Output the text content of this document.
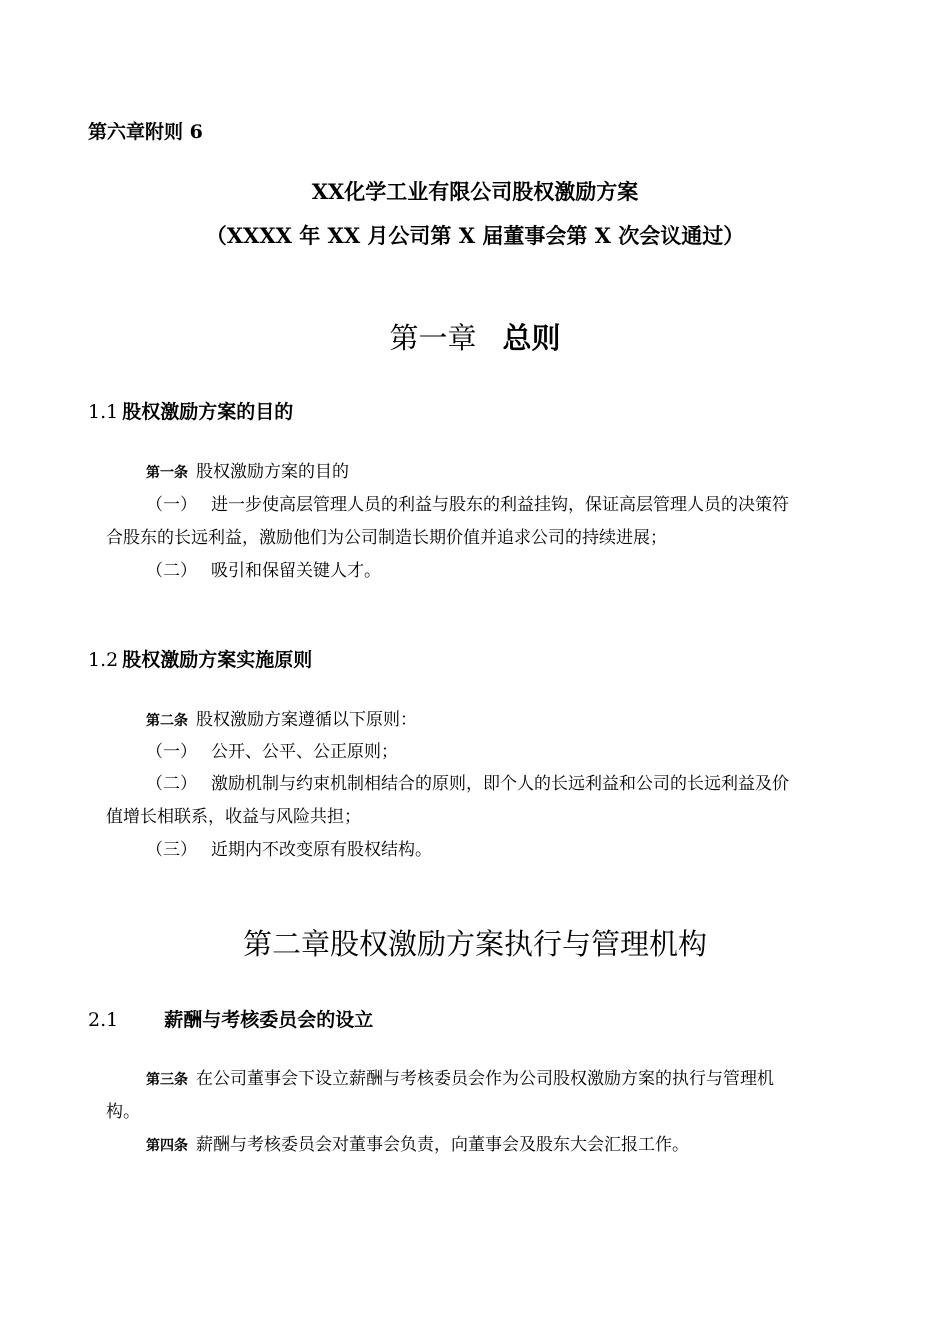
第六章附则 6
XX化学工业有限公司股权激励方案
（XXXX 年 XX 月公司第 X 届董事会第 X 次会议通过）
第一章 总则
1.1 股权激励方案的目的
第一条 股权激励方案的目的
（一） 进一步使高层管理人员的利益与股东的利益挂钩，保证高层管理人员的决策符
合股东的长远利益，激励他们为公司制造长期价值并追求公司的持续进展；
（二） 吸引和保留关键人才。
1.2 股权激励方案实施原则
第二条 股权激励方案遵循以下原则：
（一） 公开、公平、公正原则；
（二） 激励机制与约束机制相结合的原则，即个人的长远利益和公司的长远利益及价
值增长相联系，收益与风险共担；
（三） 近期内不改变原有股权结构。
第二章股权激励方案执行与管理机构
2.1 薪酬与考核委员会的设立
第三条 在公司董事会下设立薪酬与考核委员会作为公司股权激励方案的执行与管理机
构。
第四条 薪酬与考核委员会对董事会负责，向董事会及股东大会汇报工作。
